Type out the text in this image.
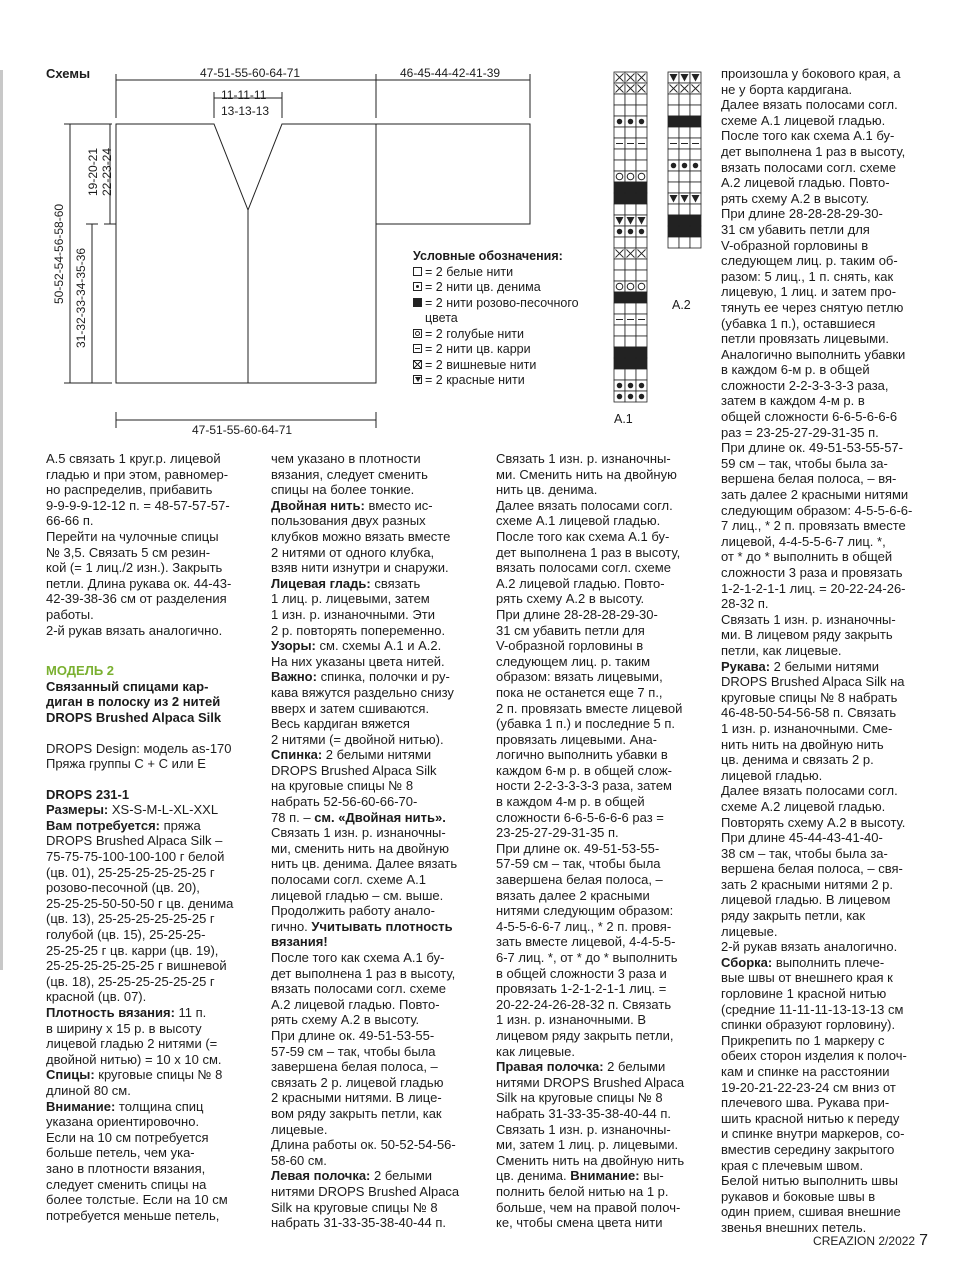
Схемы	47-51-55-60-64-71	46-45-44-42-41-39
11-11-11
13-13-13
19-20-21 22-23-24
50-52-54-56-58-60 31-32-33-34-35-36
47-51-55-60-64-71
Условные обозначения:
= 2 белые нити
= 2 нити цв. денима
= 2 нити розово-песочного цвета
= 2 голубые нити
= 2 нити цв. карри
= 2 вишневые нити
= 2 красные нити
A.1
A.2

А.5 связать 1 круг.р. лицевой
гладью и при этом, равномер-
но распределив, прибавить
9-9-9-9-12-12 п. = 48-57-57-57-
66-66 п.

Перейти на чулочные спицы
№ 3,5. Связать 5 см резин-
кой (= 1 лиц./2 изн.). Закрыть
петли. Длина рукава ок. 44-43-
42-39-38-36 см от разделения
работы.

2-й рукав вязать аналогично.

МОДЕЛЬ 2

Связанный спицами кар-
диган в полоску из 2 нитей
DROPS Brushed Alpaca Silk

DROPS Design: модель as-170
Пряжа группы С + С или Е

DROPS 231-1

Размеры: XS-S-M-L-XL-XXL

Вам потребуется: пряжа
DROPS Brushed Alpaca Silk –
75-75-75-100-100-100 г белой
(цв. 01), 25-25-25-25-25-25 г
розово-песочной (цв. 20),
25-25-25-50-50-50 г цв. денима
(цв. 13), 25-25-25-25-25-25 г
голубой (цв. 15), 25-25-25-
25-25-25 г цв. карри (цв. 19),
25-25-25-25-25-25 г вишневой
(цв. 18), 25-25-25-25-25-25 г
красной (цв. 07).

Плотность вязания: 11 п.
в ширину х 15 р. в высоту
лицевой гладью 2 нитями (=
двойной нитью) = 10 х 10 см.

Спицы: круговые спицы № 8
длиной 80 см.

Внимание: толщина спиц
указана ориентировочно.
Если на 10 см потребуется
больше петель, чем ука-
зано в плотности вязания,
следует сменить спицы на
более толстые. Если на 10 см
потребуется меньше петель,

чем указано в плотности
вязания, следует сменить
спицы на более тонкие.

Двойная нить: вместо ис-
пользования двух разных
клубков можно вязать вместе
2 нитями от одного клубка,
взяв нити изнутри и снаружи.

Лицевая гладь: связать
1 лиц. р. лицевыми, затем
1 изн. р. изнаночными. Эти
2 р. повторять попеременно.

Узоры: см. схемы А.1 и А.2.
На них указаны цвета нитей.

Важно: спинка, полочки и ру-
кава вяжутся раздельно снизу
вверх и затем сшиваются.
Весь кардиган вяжется
2 нитями (= двойной нитью).

Спинка: 2 белыми нитями
DROPS Brushed Alpaca Silk
на круговые спицы № 8
набрать 52-56-60-66-70-
78 п. – см. «Двойная нить».
Связать 1 изн. р. изнаночны-
ми, сменить нить на двойную
нить цв. денима. Далее вязать
полосами согл. схеме А.1
лицевой гладью – см. выше.
Продолжить работу анало-
гично. Учитывать плотность
вязания!

После того как схема А.1 бу-
дет выполнена 1 раз в высоту,
вязать полосами согл. схеме
А.2 лицевой гладью. Повто-
рять схему А.2 в высоту.
При длине ок. 49-51-53-55-
57-59 см – так, чтобы была
завершена белая полоса, –
связать 2 р. лицевой гладью
2 красными нитями. В лице-
вом ряду закрыть петли, как
лицевые.
Длина работы ок. 50-52-54-56-
58-60 см.

Левая полочка: 2 белыми
нитями DROPS Brushed Alpaca
Silk на круговые спицы № 8
набрать 31-33-35-38-40-44 п.

Связать 1 изн. р. изнаночны-
ми. Сменить нить на двойную
нить цв. денима.
Далее вязать полосами согл.
схеме А.1 лицевой гладью.
После того как схема А.1 бу-
дет выполнена 1 раз в высоту,
вязать полосами согл. схеме
А.2 лицевой гладью. Повто-
рять схему А.2 в высоту.
При длине 28-28-28-29-30-
31 см убавить петли для
V-образной горловины в
следующем лиц. р. таким
образом: вязать лицевыми,
пока не останется еще 7 п.,
2 п. провязать вместе лицевой
(убавка 1 п.) и последние 5 п.
провязать лицевыми. Ана-
логично выполнить убавки в
каждом 6-м р. в общей слож-
ности 2-2-3-3-3-3 раза, затем
в каждом 4-м р. в общей
сложности 6-6-5-6-6-6 раз =
23-25-27-29-31-35 п.
При длине ок. 49-51-53-55-
57-59 см – так, чтобы была
завершена белая полоса, –
вязать далее 2 красными
нитями следующим образом:
4-5-5-6-6-7 лиц., * 2 п. провя-
зать вместе лицевой, 4-4-5-5-
6-7 лиц. *, от * до * выполнить
в общей сложности 3 раза и
провязать 1-2-1-2-1-1 лиц. =
20-22-24-26-28-32 п. Связать
1 изн. р. изнаночными. В
лицевом ряду закрыть петли,
как лицевые.

Правая полочка: 2 белыми
нитями DROPS Brushed Alpaca
Silk на круговые спицы № 8
набрать 31-33-35-38-40-44 п.
Связать 1 изн. р. изнаночны-
ми, затем 1 лиц. р. лицевыми.
Сменить нить на двойную нить
цв. денима. Внимание: вы-
полнить белой нитью на 1 р.
больше, чем на правой полоч-
ке, чтобы смена цвета нити

произошла у бокового края, а
не у борта кардигана.
Далее вязать полосами согл.
схеме А.1 лицевой гладью.
После того как схема А.1 бу-
дет выполнена 1 раз в высоту,
вязать полосами согл. схеме
А.2 лицевой гладью. Повто-
рять схему А.2 в высоту.
При длине 28-28-28-29-30-
31 см убавить петли для
V-образной горловины в
следующем лиц. р. таким об-
разом: 5 лиц., 1 п. снять, как
лицевую, 1 лиц. и затем про-
тянуть ее через снятую петлю
(убавка 1 п.), оставшиеся
петли провязать лицевыми.
Аналогично выполнить убавки
в каждом 6-м р. в общей
сложности 2-2-3-3-3-3 раза,
затем в каждом 4-м р. в
общей сложности 6-6-5-6-6-6
раз = 23-25-27-29-31-35 п.
При длине ок. 49-51-53-55-57-
59 см – так, чтобы была за-
вершена белая полоса, – вя-
зать далее 2 красными нитями
следующим образом: 4-5-5-6-6-
7 лиц., * 2 п. провязать вместе
лицевой, 4-4-5-5-6-7 лиц. *,
от * до * выполнить в общей
сложности 3 раза и провязать
1-2-1-2-1-1 лиц. = 20-22-24-26-
28-32 п.
Связать 1 изн. р. изнаночны-
ми. В лицевом ряду закрыть
петли, как лицевые.

Рукава: 2 белыми нитями
DROPS Brushed Alpaca Silk на
круговые спицы № 8 набрать
46-48-50-54-56-58 п. Связать
1 изн. р. изнаночными. Сме-
нить нить на двойную нить
цв. денима и связать 2 р.
лицевой гладью.
Далее вязать полосами согл.
схеме А.2 лицевой гладью.
Повторять схему А.2 в высоту.
При длине 45-44-43-41-40-
38 см – так, чтобы была за-
вершена белая полоса, – свя-
зать 2 красными нитями 2 р.
лицевой гладью. В лицевом
ряду закрыть петли, как
лицевые.
2-й рукав вязать аналогично.

Сборка: выполнить плече-
вые швы от внешнего края к
горловине 1 красной нитью
(средние 11-11-11-13-13-13 см
спинки образуют горловину).
Прикрепить по 1 маркеру с
обеих сторон изделия к полоч-
кам и спинке на расстоянии
19-20-21-22-23-24 см вниз от
плечевого шва. Рукава при-
шить красной нитью к переду
и спинке внутри маркеров, со-
вместив середину закрытого
края с плечевым швом.
Белой нитью выполнить швы
рукавов и боковые швы в
один прием, сшивая внешние
звенья внешних петель.

CREAZION 2/2022 7
